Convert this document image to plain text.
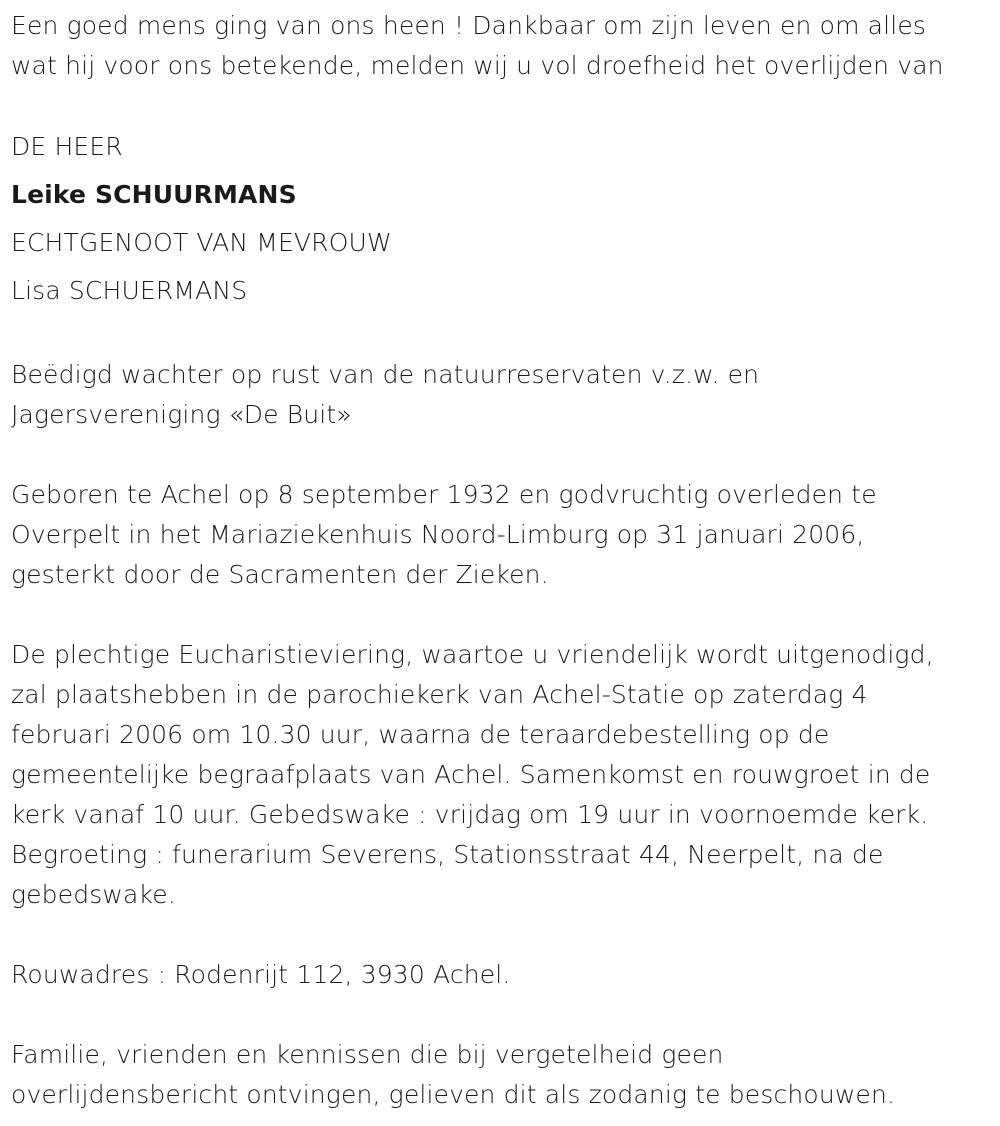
Een goed mens ging van ons heen ! Dankbaar om zijn leven en om alles
wat hij voor ons betekende, melden wij u vol droefheid het overlijden van
DE HEER
Leike SCHUURMANS
ECHTGENOOT VAN MEVROUW
Lisa SCHUERMANS
Beëdigd wachter op rust van de natuurreservaten v.z.w. en
Jagersvereniging «De Buit»
Geboren te Achel op 8 september 1932 en godvruchtig overleden te
Overpelt in het Mariaziekenhuis Noord-Limburg op 31 januari 2006,
gesterkt door de Sacramenten der Zieken.
De plechtige Eucharistieviering, waartoe u vriendelijk wordt uitgenodigd,
zal plaatshebben in de parochiekerk van Achel-Statie op zaterdag 4
februari 2006 om 10.30 uur, waarna de teraardebestelling op de
gemeentelijke begraafplaats van Achel. Samenkomst en rouwgroet in de
kerk vanaf 10 uur. Gebedswake : vrijdag om 19 uur in voornoemde kerk.
Begroeting : funerarium Severens, Stationsstraat 44, Neerpelt, na de
gebedswake.
Rouwadres : Rodenrijt 112, 3930 Achel.
Familie, vrienden en kennissen die bij vergetelheid geen
overlijdensbericht ontvingen, gelieven dit als zodanig te beschouwen.
